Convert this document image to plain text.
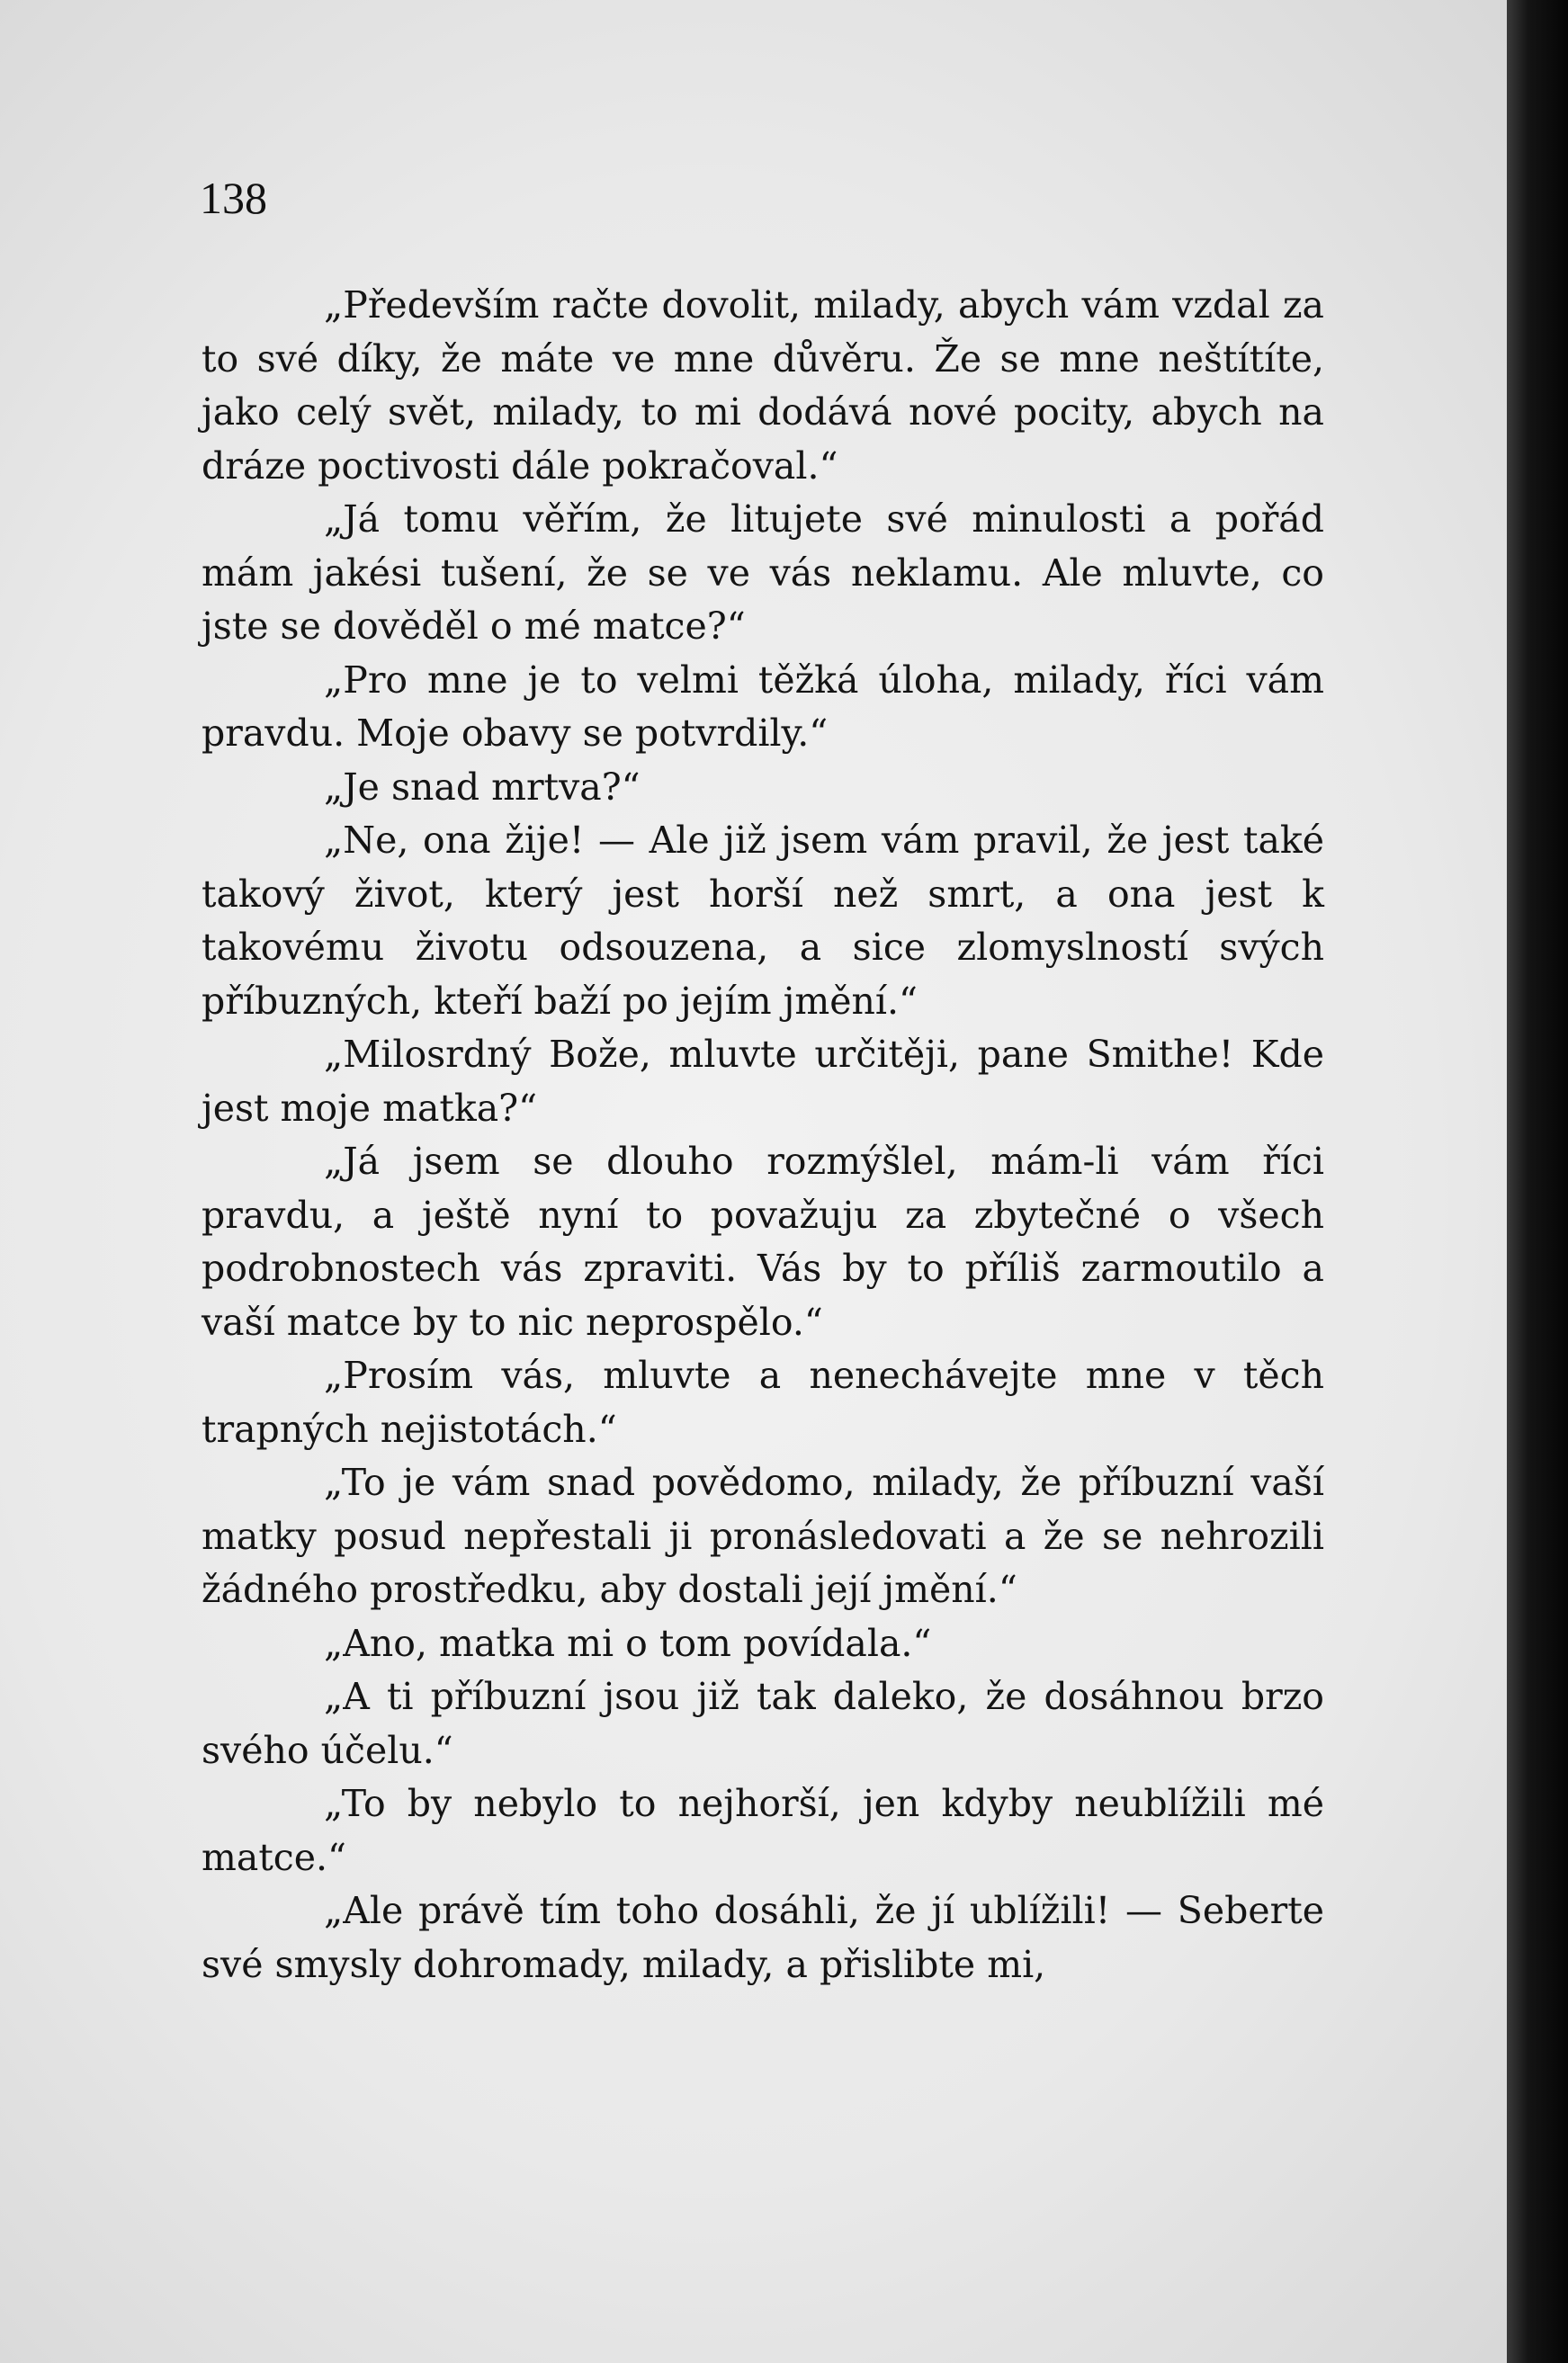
138

„Především račte dovolit, milady, abych vám vzdal za to své díky, že máte ve mne důvěru. Že se mne neštítíte, jako celý svět, milady, to mi dodává nové pocity, abych na dráze poctivosti dále pokračoval.“

„Já tomu věřím, že litujete své minulosti a pořád mám jakési tušení, že se ve vás neklamu. Ale mluvte, co jste se dověděl o mé matce?“

„Pro mne je to velmi těžká úloha, milady, říci vám pravdu. Moje obavy se potvrdily.“

„Je snad mrtva?“

„Ne, ona žije! — Ale již jsem vám pravil, že jest také takový život, který jest horší než smrt, a ona jest k takovému životu odsouzena, a sice zlomyslností svých příbuzných, kteří baží po jejím jmění.“

„Milosrdný Bože, mluvte určitěji, pane Smithe! Kde jest moje matka?“

„Já jsem se dlouho rozmýšlel, mám-li vám říci pravdu, a ještě nyní to považuju za zbytečné o všech podrobnostech vás zpraviti. Vás by to příliš zarmoutilo a vaší matce by to nic neprospělo.“

„Prosím vás, mluvte a nenechávejte mne v těch trapných nejistotách.“

„To je vám snad povědomo, milady, že příbuzní vaší matky posud nepřestali ji pronásledovati a že se nehrozili žádného prostředku, aby dostali její jmění.“

„Ano, matka mi o tom povídala.“

„A ti příbuzní jsou již tak daleko, že dosáhnou brzo svého účelu.“

„To by nebylo to nejhorší, jen kdyby neublížili mé matce.“

„Ale právě tím toho dosáhli, že jí ublížili! — Seberte své smysly dohromady, milady, a přislibte mi,
